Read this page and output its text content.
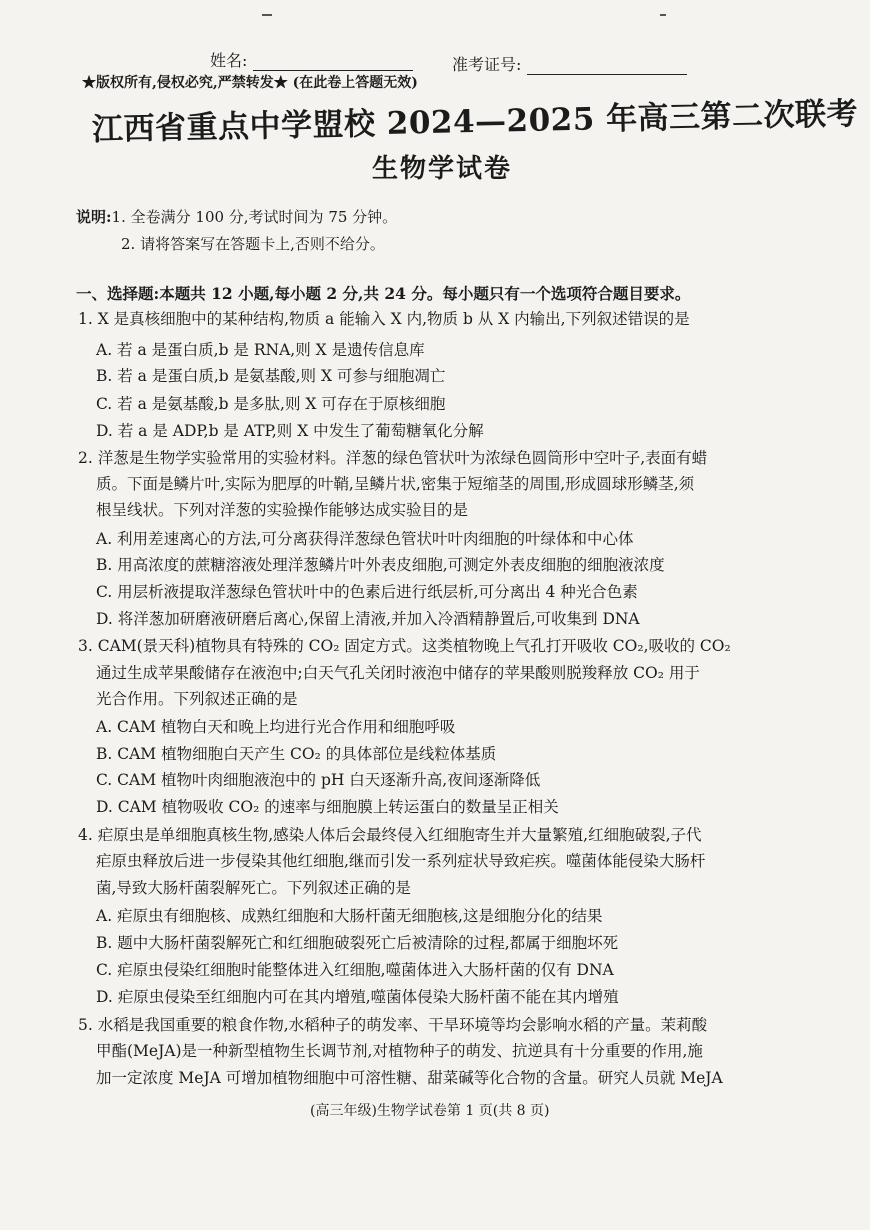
姓名:	准考证号:
★版权所有,侵权必究,严禁转发★ (在此卷上答题无效)
江西省重点中学盟校 2024—2025 年高三第二次联考
生物学试卷
说明:1. 全卷满分 100 分,考试时间为 75 分钟。
2. 请将答案写在答题卡上,否则不给分。
一、选择题:本题共 12 小题,每小题 2 分,共 24 分。每小题只有一个选项符合题目要求。
1. X 是真核细胞中的某种结构,物质 a 能输入 X 内,物质 b 从 X 内输出,下列叙述错误的是
A. 若 a 是蛋白质,b 是 RNA,则 X 是遗传信息库
B. 若 a 是蛋白质,b 是氨基酸,则 X 可参与细胞凋亡
C. 若 a 是氨基酸,b 是多肽,则 X 可存在于原核细胞
D. 若 a 是 ADP,b 是 ATP,则 X 中发生了葡萄糖氧化分解
2. 洋葱是生物学实验常用的实验材料。洋葱的绿色管状叶为浓绿色圆筒形中空叶子,表面有蜡
质。下面是鳞片叶,实际为肥厚的叶鞘,呈鳞片状,密集于短缩茎的周围,形成圆球形鳞茎,须
根呈线状。下列对洋葱的实验操作能够达成实验目的是
A. 利用差速离心的方法,可分离获得洋葱绿色管状叶叶肉细胞的叶绿体和中心体
B. 用高浓度的蔗糖溶液处理洋葱鳞片叶外表皮细胞,可测定外表皮细胞的细胞液浓度
C. 用层析液提取洋葱绿色管状叶中的色素后进行纸层析,可分离出 4 种光合色素
D. 将洋葱加研磨液研磨后离心,保留上清液,并加入冷酒精静置后,可收集到 DNA
3. CAM(景天科)植物具有特殊的 CO₂ 固定方式。这类植物晚上气孔打开吸收 CO₂,吸收的 CO₂
通过生成苹果酸储存在液泡中;白天气孔关闭时液泡中储存的苹果酸则脱羧释放 CO₂ 用于
光合作用。下列叙述正确的是
A. CAM 植物白天和晚上均进行光合作用和细胞呼吸
B. CAM 植物细胞白天产生 CO₂ 的具体部位是线粒体基质
C. CAM 植物叶肉细胞液泡中的 pH 白天逐渐升高,夜间逐渐降低
D. CAM 植物吸收 CO₂ 的速率与细胞膜上转运蛋白的数量呈正相关
4. 疟原虫是单细胞真核生物,感染人体后会最终侵入红细胞寄生并大量繁殖,红细胞破裂,子代
疟原虫释放后进一步侵染其他红细胞,继而引发一系列症状导致疟疾。噬菌体能侵染大肠杆
菌,导致大肠杆菌裂解死亡。下列叙述正确的是
A. 疟原虫有细胞核、成熟红细胞和大肠杆菌无细胞核,这是细胞分化的结果
B. 题中大肠杆菌裂解死亡和红细胞破裂死亡后被清除的过程,都属于细胞坏死
C. 疟原虫侵染红细胞时能整体进入红细胞,噬菌体进入大肠杆菌的仅有 DNA
D. 疟原虫侵染至红细胞内可在其内增殖,噬菌体侵染大肠杆菌不能在其内增殖
5. 水稻是我国重要的粮食作物,水稻种子的萌发率、干旱环境等均会影响水稻的产量。茉莉酸
甲酯(MeJA)是一种新型植物生长调节剂,对植物种子的萌发、抗逆具有十分重要的作用,施
加一定浓度 MeJA 可增加植物细胞中可溶性糖、甜菜碱等化合物的含量。研究人员就 MeJA
(高三年级)生物学试卷第 1 页(共 8 页)
